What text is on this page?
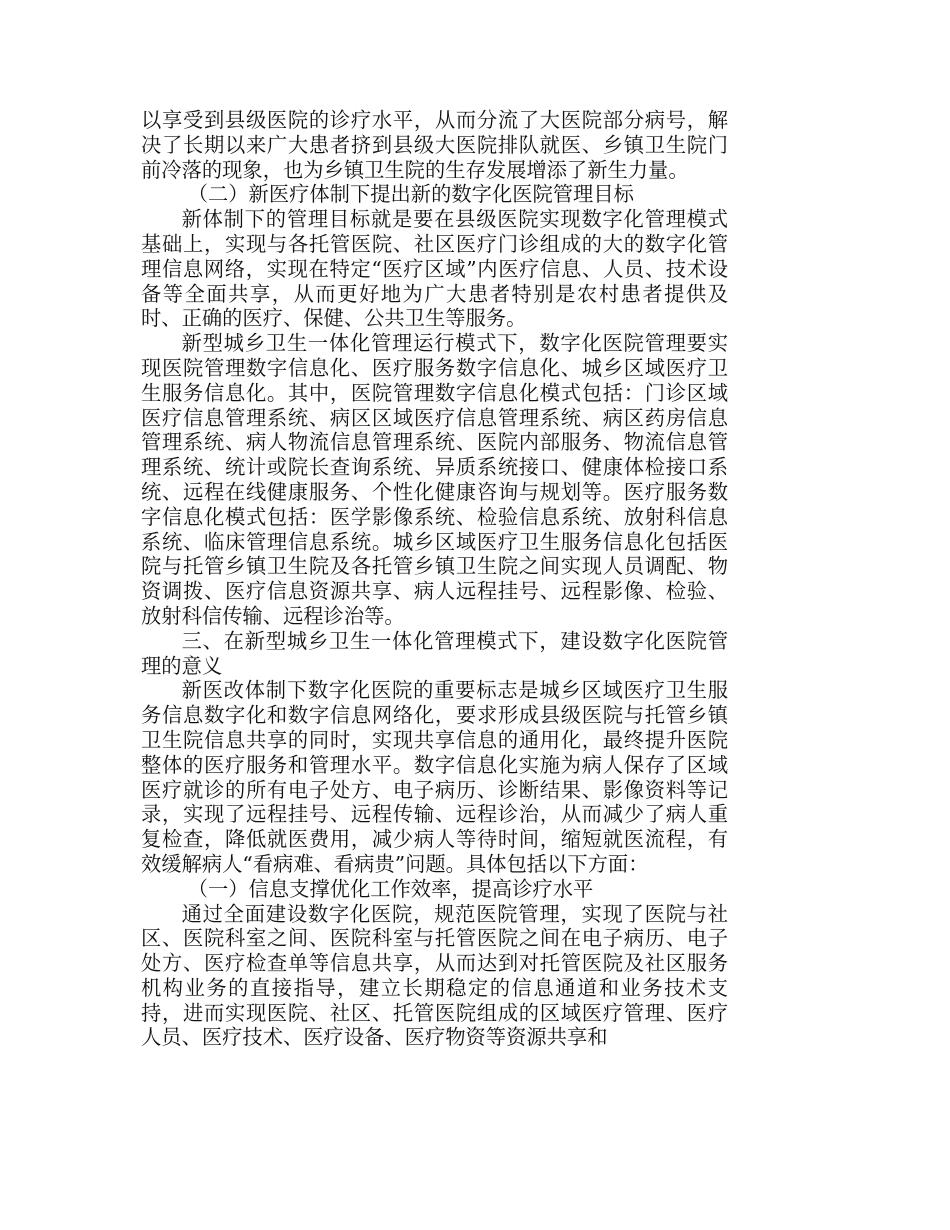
以享受到县级医院的诊疗水平，从而分流了大医院部分病号，解决了长期以来广大患者挤到县级大医院排队就医、乡镇卫生院门前冷落的现象，也为乡镇卫生院的生存发展增添了新生力量。

（二）新医疗体制下提出新的数字化医院管理目标

新体制下的管理目标就是要在县级医院实现数字化管理模式基础上，实现与各托管医院、社区医疗门诊组成的大的数字化管理信息网络，实现在特定“医疗区域”内医疗信息、人员、技术设备等全面共享，从而更好地为广大患者特别是农村患者提供及时、正确的医疗、保健、公共卫生等服务。

新型城乡卫生一体化管理运行模式下，数字化医院管理要实现医院管理数字信息化、医疗服务数字信息化、城乡区域医疗卫生服务信息化。其中，医院管理数字信息化模式包括：门诊区域医疗信息管理系统、病区区域医疗信息管理系统、病区药房信息管理系统、病人物流信息管理系统、医院内部服务、物流信息管理系统、统计或院长查询系统、异质系统接口、健康体检接口系统、远程在线健康服务、个性化健康咨询与规划等。医疗服务数字信息化模式包括：医学影像系统、检验信息系统、放射科信息系统、临床管理信息系统。城乡区域医疗卫生服务信息化包括医院与托管乡镇卫生院及各托管乡镇卫生院之间实现人员调配、物资调拨、医疗信息资源共享、病人远程挂号、远程影像、检验、放射科信传输、远程诊治等。

三、在新型城乡卫生一体化管理模式下，建设数字化医院管理的意义

新医改体制下数字化医院的重要标志是城乡区域医疗卫生服务信息数字化和数字信息网络化，要求形成县级医院与托管乡镇卫生院信息共享的同时，实现共享信息的通用化，最终提升医院整体的医疗服务和管理水平。数字信息化实施为病人保存了区域医疗就诊的所有电子处方、电子病历、诊断结果、影像资料等记录，实现了远程挂号、远程传输、远程诊治，从而减少了病人重复检查，降低就医费用，减少病人等待时间，缩短就医流程，有效缓解病人“看病难、看病贵”问题。具体包括以下方面：

（一）信息支撑优化工作效率，提高诊疗水平

通过全面建设数字化医院，规范医院管理，实现了医院与社区、医院科室之间、医院科室与托管医院之间在电子病历、电子处方、医疗检查单等信息共享，从而达到对托管医院及社区服务机构业务的直接指导，建立长期稳定的信息通道和业务技术支持，进而实现医院、社区、托管医院组成的区域医疗管理、医疗人员、医疗技术、医疗设备、医疗物资等资源共享和
